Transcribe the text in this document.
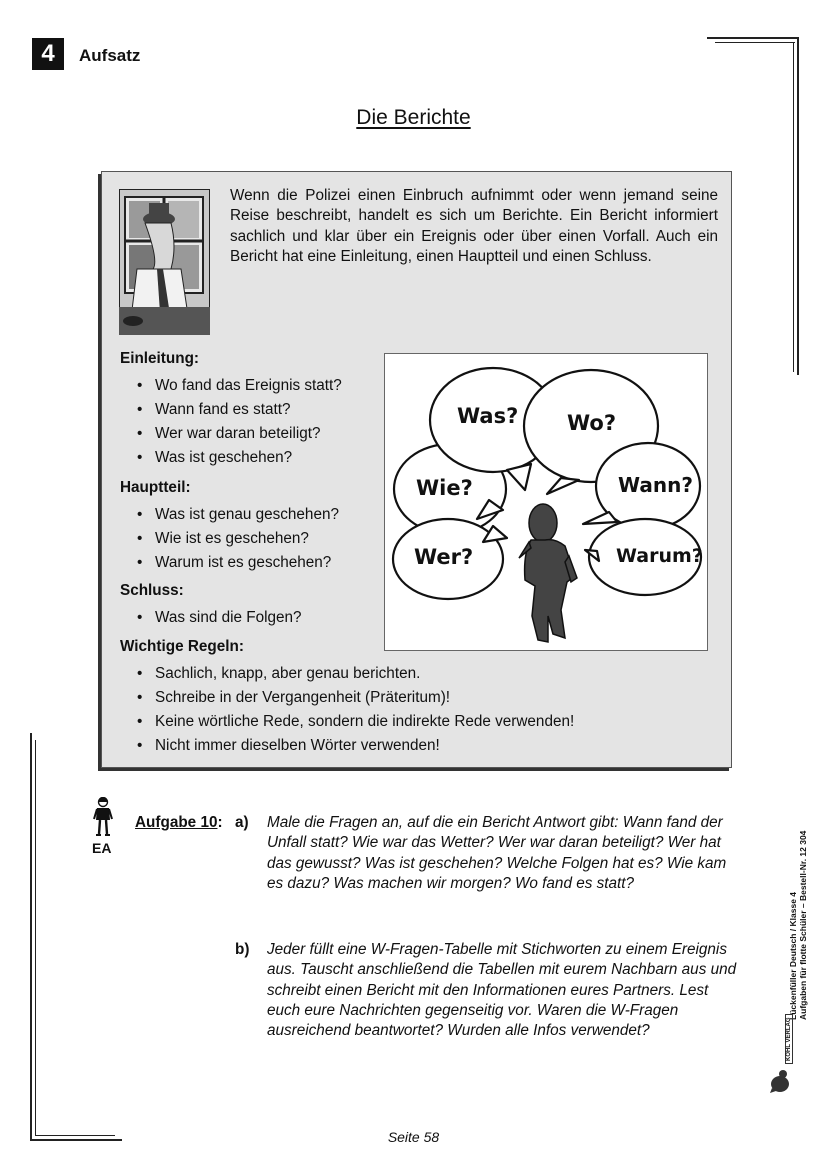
4	Aufsatz
Die Berichte
Wenn die Polizei einen Einbruch aufnimmt oder wenn jemand seine Reise beschreibt, handelt es sich um Berichte. Ein Bericht informiert sachlich und klar über ein Ereignis oder über einen Vorfall. Auch ein Bericht hat eine Einleitung, einen Hauptteil und einen Schluss.
Einleitung:
• Wo fand das Ereignis statt?
• Wann fand es statt?
• Wer war daran beteiligt?
• Was ist geschehen?
Hauptteil:
• Was ist genau geschehen?
• Wie ist es geschehen?
• Warum ist es geschehen?
Schluss:
• Was sind die Folgen?
Wichtige Regeln:
• Sachlich, knapp, aber genau berichten.
• Schreibe in der Vergangenheit (Präteritum)!
• Keine wörtliche Rede, sondern die indirekte Rede verwenden!
• Nicht immer dieselben Wörter verwenden!
Was? Wo?
Wie?	Wann?
Wer?	Warum?
EA
Aufgabe 10: a) Male die Fragen an, auf die ein Bericht Antwort gibt: Wann fand der Unfall statt? Wie war das Wetter? Wer war daran beteiligt? Wer hat das gewusst? Was ist geschehen? Welche Folgen hat es? Wie kam es dazu? Was machen wir morgen? Wo fand es statt?
b) Jeder füllt eine W-Fragen-Tabelle mit Stichworten zu einem Ereignis aus. Tauscht anschließend die Tabellen mit eurem Nachbarn aus und schreibt einen Bericht mit den Informationen eures Partners. Lest euch eure Nachrichten gegenseitig vor. Waren die W-Fragen ausreichend beantwortet? Wurden alle Infos verwendet?
Lückenfüller Deutsch / Klasse 4 Aufgaben für flotte Schüler – Bestell-Nr. 12 304
KOHL VERLAG
Seite 58
